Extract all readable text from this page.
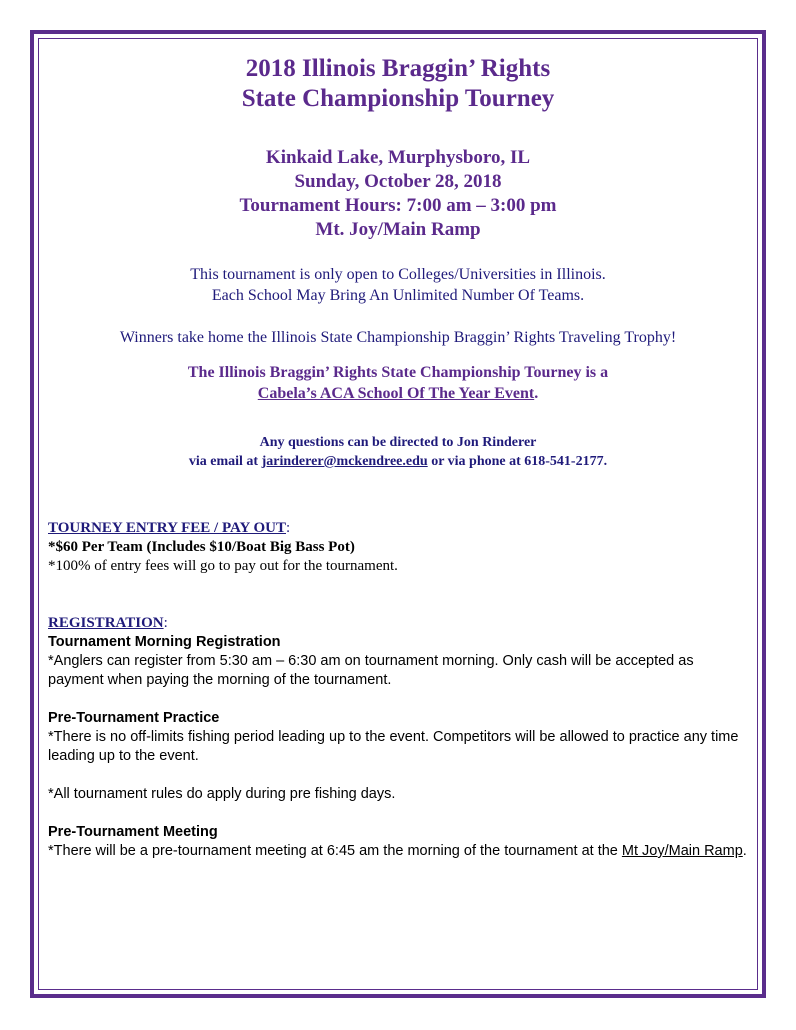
2018 Illinois Braggin’ Rights
State Championship Tourney
Kinkaid Lake, Murphysboro, IL
Sunday, October 28, 2018
Tournament Hours: 7:00 am – 3:00 pm
Mt. Joy/Main Ramp
This tournament is only open to Colleges/Universities in Illinois.
Each School May Bring An Unlimited Number Of Teams.
Winners take home the Illinois State Championship Braggin’ Rights Traveling Trophy!
The Illinois Braggin’ Rights State Championship Tourney is a
Cabela’s ACA School Of The Year Event.
Any questions can be directed to Jon Rinderer
via email at jarinderer@mckendree.edu or via phone at 618-541-2177.
TOURNEY ENTRY FEE / PAY OUT:
*$60 Per Team (Includes $10/Boat Big Bass Pot)
*100% of entry fees will go to pay out for the tournament.
REGISTRATION:
Tournament Morning Registration
*Anglers can register from 5:30 am – 6:30 am on tournament morning. Only cash will be accepted as payment when paying the morning of the tournament.
Pre-Tournament Practice
*There is no off-limits fishing period leading up to the event. Competitors will be allowed to practice any time leading up to the event.
*All tournament rules do apply during pre fishing days.
Pre-Tournament Meeting
*There will be a pre-tournament meeting at 6:45 am the morning of the tournament at the Mt Joy/Main Ramp.
